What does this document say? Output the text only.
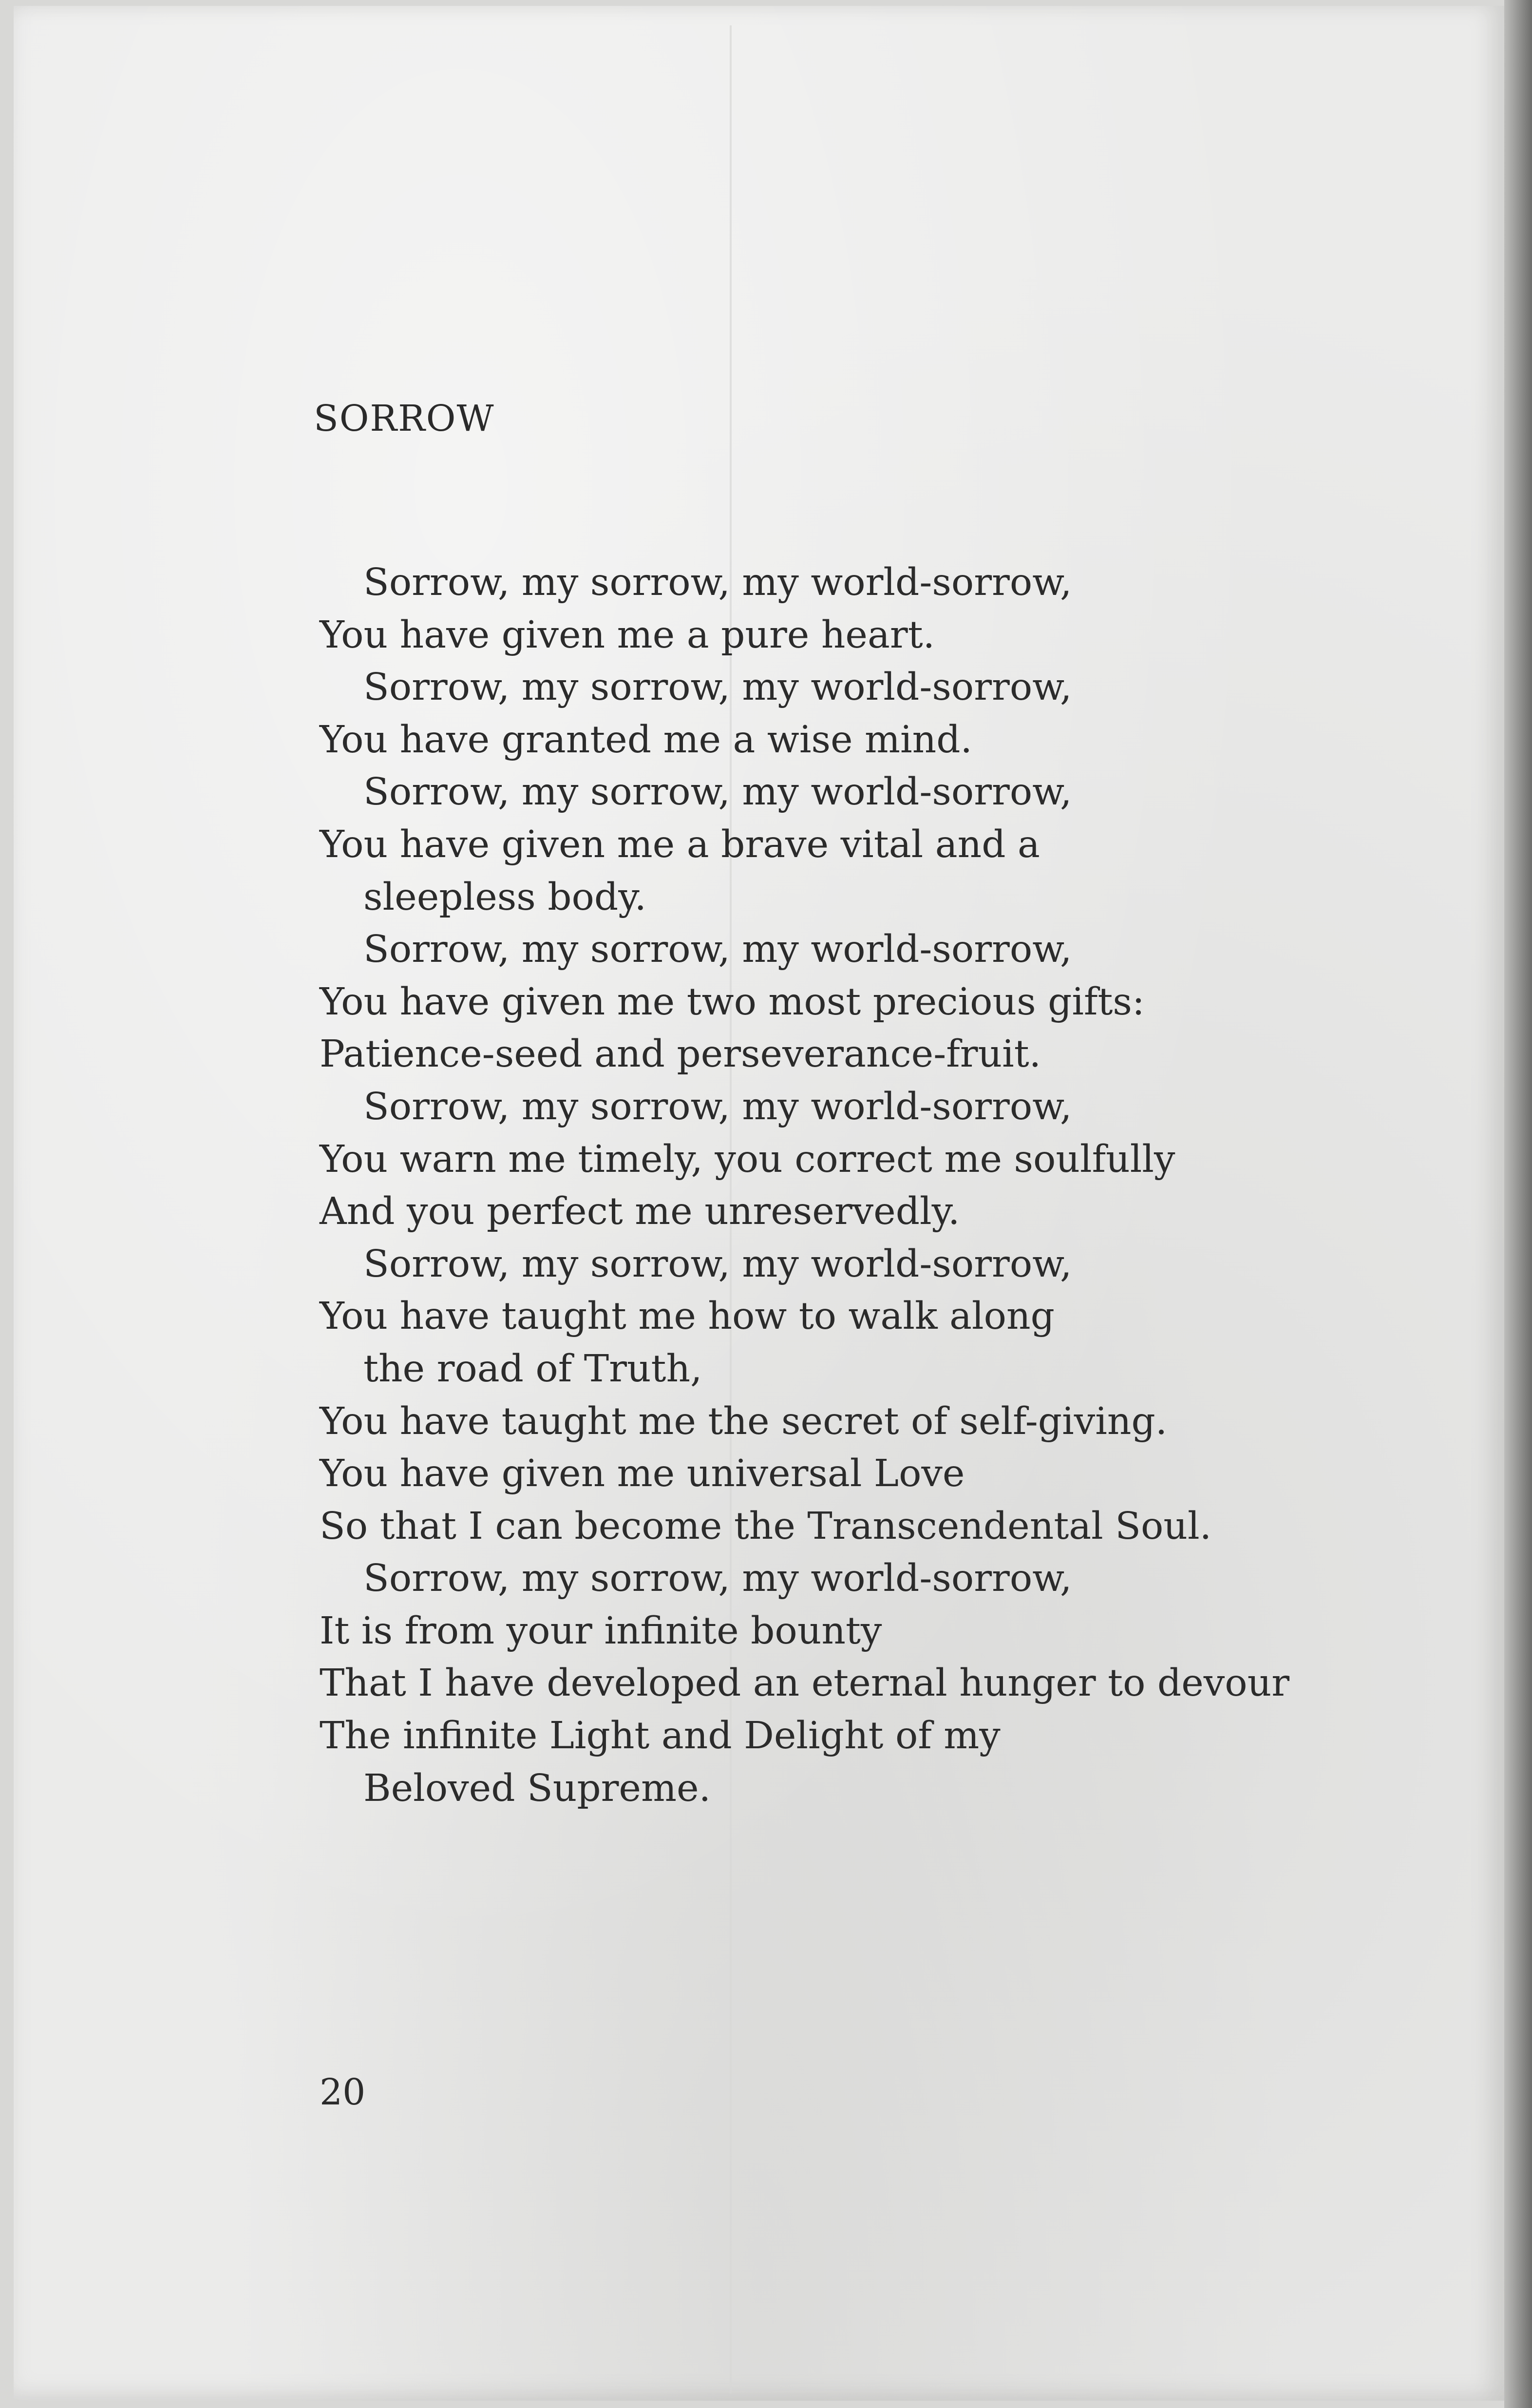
SORROW
Sorrow, my sorrow, my world-sorrow,
You have given me a pure heart.
Sorrow, my sorrow, my world-sorrow,
You have granted me a wise mind.
Sorrow, my sorrow, my world-sorrow,
You have given me a brave vital and a
sleepless body.
Sorrow, my sorrow, my world-sorrow,
You have given me two most precious gifts:
Patience-seed and perseverance-fruit.
Sorrow, my sorrow, my world-sorrow,
You warn me timely, you correct me soulfully
And you perfect me unreservedly.
Sorrow, my sorrow, my world-sorrow,
You have taught me how to walk along
the road of Truth,
You have taught me the secret of self-giving.
You have given me universal Love
So that I can become the Transcendental Soul.
Sorrow, my sorrow, my world-sorrow,
It is from your infinite bounty
That I have developed an eternal hunger to devour
The infinite Light and Delight of my
Beloved Supreme.

20
